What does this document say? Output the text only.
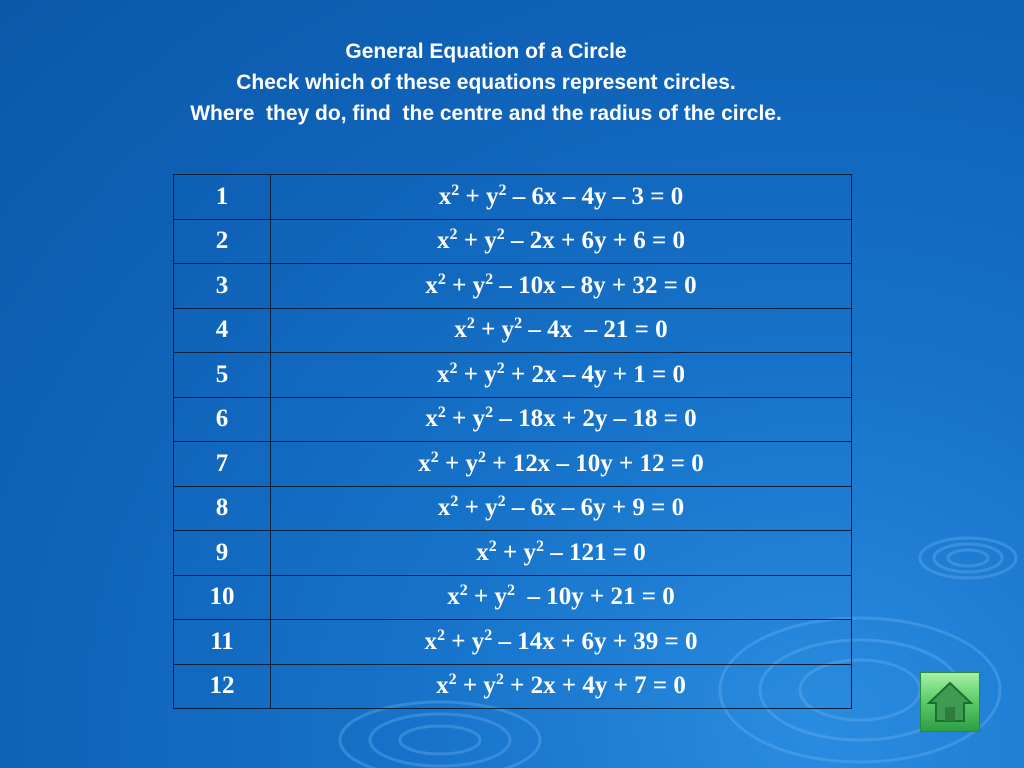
General Equation of a Circle
Check which of these equations represent circles.
Where  they do, find  the centre and the radius of the circle.
1	$x^2 + y^2 - 6x - 4y - 3 = 0$
2	$x^2 + y^2 - 2x + 6y + 6 = 0$
3	$x^2 + y^2 - 10x - 8y + 32 = 0$
4	$x^2 + y^2 - 4x - 21 = 0$
5	$x^2 + y^2 + 2x - 4y + 1 = 0$
6	$x^2 + y^2 - 18x + 2y - 18 = 0$
7	$x^2 + y^2 + 12x - 10y + 12 = 0$
8	$x^2 + y^2 - 6x - 6y + 9 = 0$
9	$x^2 + y^2 - 121 = 0$
10	$x^2 + y^2 - 10y + 21 = 0$
11	$x^2 + y^2 - 14x + 6y + 39 = 0$
12	$x^2 + y^2 + 2x + 4y + 7 = 0$
